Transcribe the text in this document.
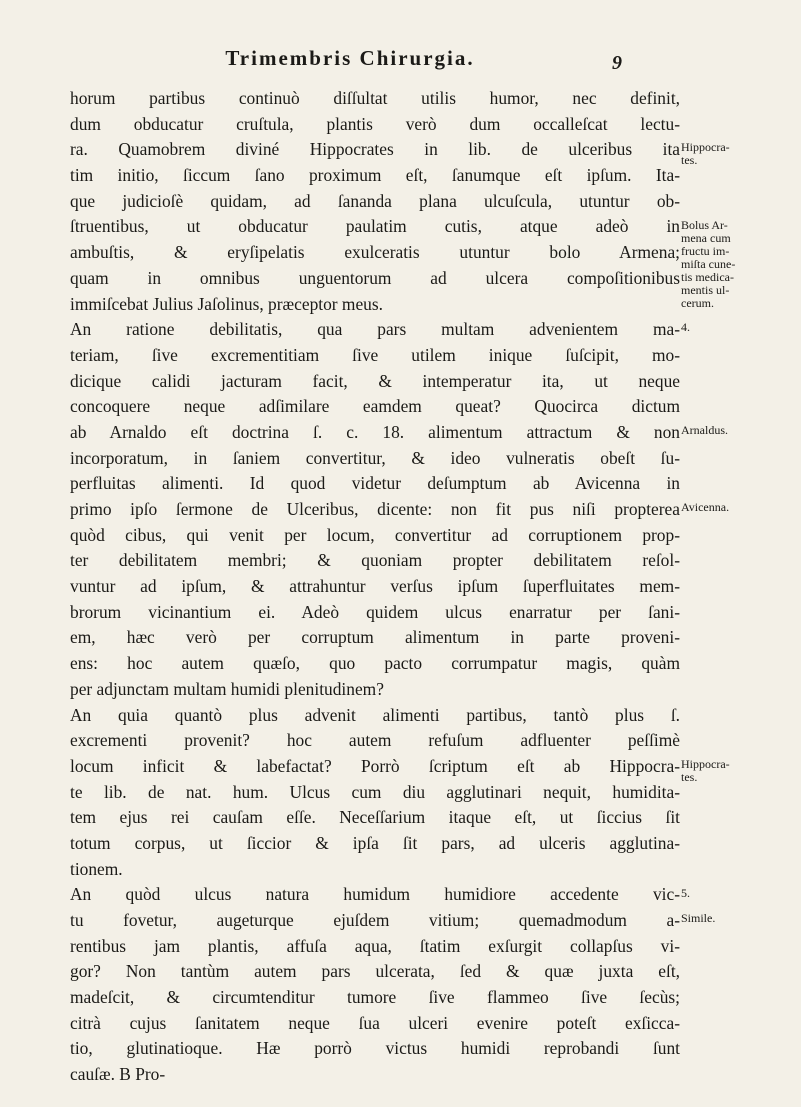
Trimembris Chirurgia.	9
horum partibus continuò diſſultat utilis humor, nec definit,
dum obducatur cruſtula, plantis verò dum occalleſcat lectu-
ra. Quamobrem diviné Hippocrates in lib. de ulceribus ita
tim initio, ſiccum ſano proximum eſt, ſanumque eſt ipſum. Ita-
que judicioſè quidam, ad ſananda plana ulcuſcula, utuntur ob-
ſtruentibus, ut obducatur paulatim cutis, atque adeò in
ambuſtis, & eryſipelatis exulceratis utuntur bolo Armena;
quam in omnibus unguentorum ad ulcera compoſitionibus
immiſcebat Julius Jaſolinus, præceptor meus.
An ratione debilitatis, qua pars multam advenientem ma-
teriam, ſive excrementitiam ſive utilem inique ſuſcipit, mo-
dicique calidi jacturam facit, & intemperatur ita, ut neque
concoquere neque adſimilare eamdem queat? Quocirca dictum
ab Arnaldo eſt doctrina ſ. c. 18. alimentum attractum & non
incorporatum, in ſaniem convertitur, & ideo vulneratis obeſt ſu-
perfluitas alimenti. Id quod videtur deſumptum ab Avicenna in
primo ipſo ſermone de Ulceribus, dicente: non fit pus niſi propterea
quòd cibus, qui venit per locum, convertitur ad corruptionem prop-
ter debilitatem membri; & quoniam propter debilitatem reſol-
vuntur ad ipſum, & attrahuntur verſus ipſum ſuperfluitates mem-
brorum vicinantium ei. Adeò quidem ulcus enarratur per ſani-
em, hæc verò per corruptum alimentum in parte proveni-
ens: hoc autem quæſo, quo pacto corrumpatur magis, quàm
per adjunctam multam humidi plenitudinem?
An quia quantò plus advenit alimenti partibus, tantò plus ſ.
excrementi provenit? hoc autem refuſum adfluenter peſſimè
locum inficit & labefactat? Porrò ſcriptum eſt ab Hippocra-
te lib. de nat. hum. Ulcus cum diu agglutinari nequit, humidita-
tem ejus rei cauſam eſſe. Neceſſarium itaque eſt, ut ſiccius ſit
totum corpus, ut ſiccior & ipſa ſit pars, ad ulceris agglutina-
tionem.
An quòd ulcus natura humidum humidiore accedente vic-
tu fovetur, augeturque ejuſdem vitium; quemadmodum a-
rentibus jam plantis, affuſa aqua, ſtatim exſurgit collapſus vi-
gor? Non tantùm autem pars ulcerata, ſed & quæ juxta eſt,
madeſcit, & circumtenditur tumore ſive flammeo ſive ſecùs;
citrà cujus ſanitatem neque ſua ulceri evenire poteſt exſicca-
tio, glutinatioque. Hæ porrò victus humidi reprobandi ſunt
cauſæ. B Pro-
Hippocra-
tes.
Bolus Ar-
mena cum
fructu im-
miſta cune-
tis medica-
mentis ul-
cerum.
4.
Arnaldus.
Avicenna.
Hippocra-
tes.
5.
Simile.
